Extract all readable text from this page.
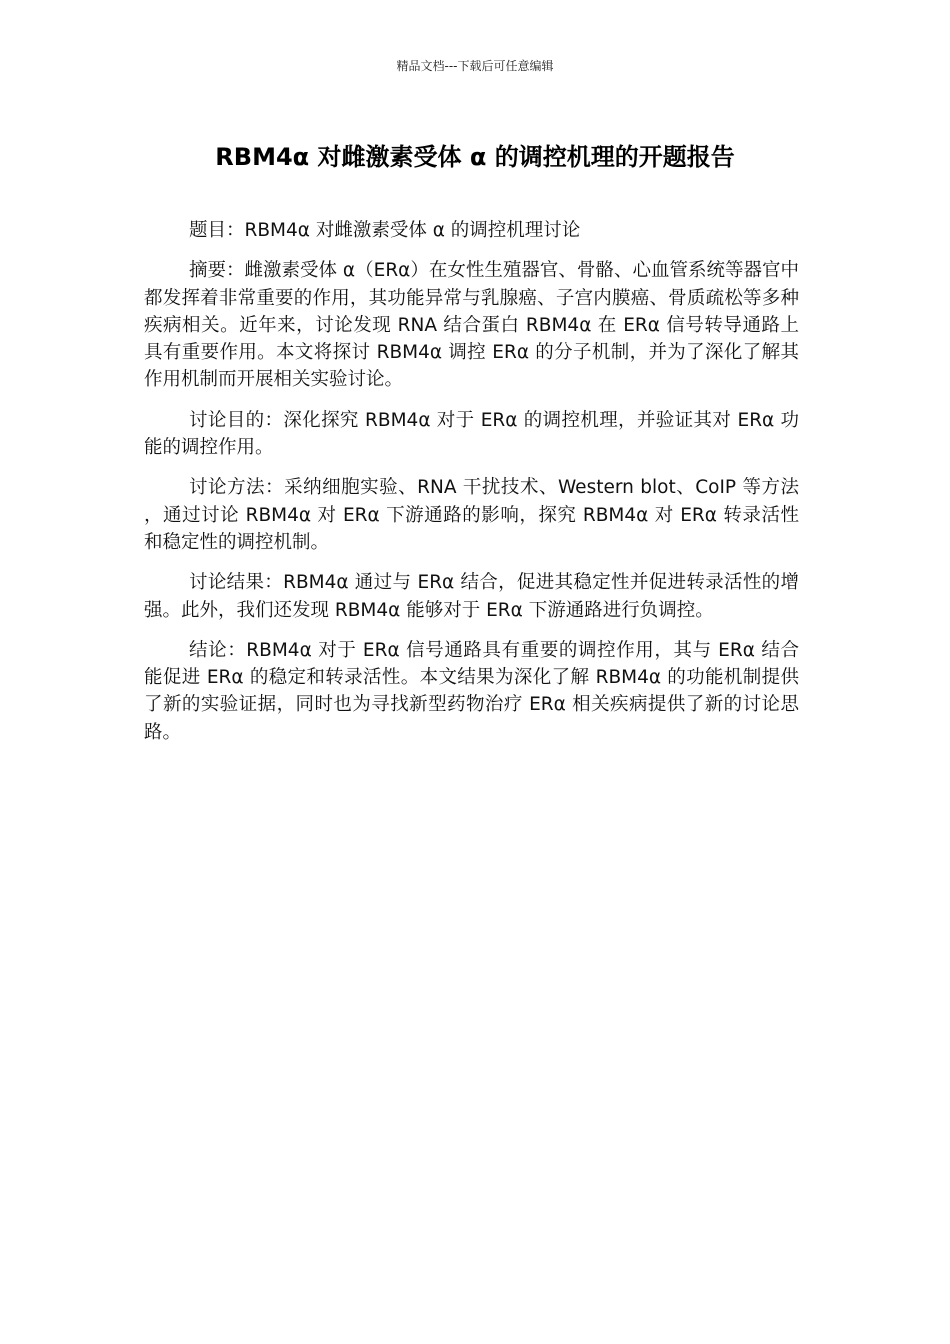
精品文档---下载后可任意编辑
RBM4α 对雌激素受体 α 的调控机理的开题报告

题目：RBM4α 对雌激素受体 α 的调控机理讨论

摘要：雌激素受体 α（ERα）在女性生殖器官、骨骼、心血管系统等器官中都发挥着非常重要的作用，其功能异常与乳腺癌、子宫内膜癌、骨质疏松等多种疾病相关。近年来，讨论发现 RNA 结合蛋白 RBM4α 在 ERα 信号转导通路上具有重要作用。本文将探讨 RBM4α 调控 ERα 的分子机制，并为了深化了解其作用机制而开展相关实验讨论。

讨论目的：深化探究 RBM4α 对于 ERα 的调控机理，并验证其对 ERα 功能的调控作用。

讨论方法：采纳细胞实验、RNA 干扰技术、Western blot、CoIP 等方法，通过讨论 RBM4α 对 ERα 下游通路的影响，探究 RBM4α 对 ERα 转录活性和稳定性的调控机制。

讨论结果：RBM4α 通过与 ERα 结合，促进其稳定性并促进转录活性的增强。此外，我们还发现 RBM4α 能够对于 ERα 下游通路进行负调控。

结论：RBM4α 对于 ERα 信号通路具有重要的调控作用，其与 ERα 结合能促进 ERα 的稳定和转录活性。本文结果为深化了解 RBM4α 的功能机制提供了新的实验证据，同时也为寻找新型药物治疗 ERα 相关疾病提供了新的讨论思路。
